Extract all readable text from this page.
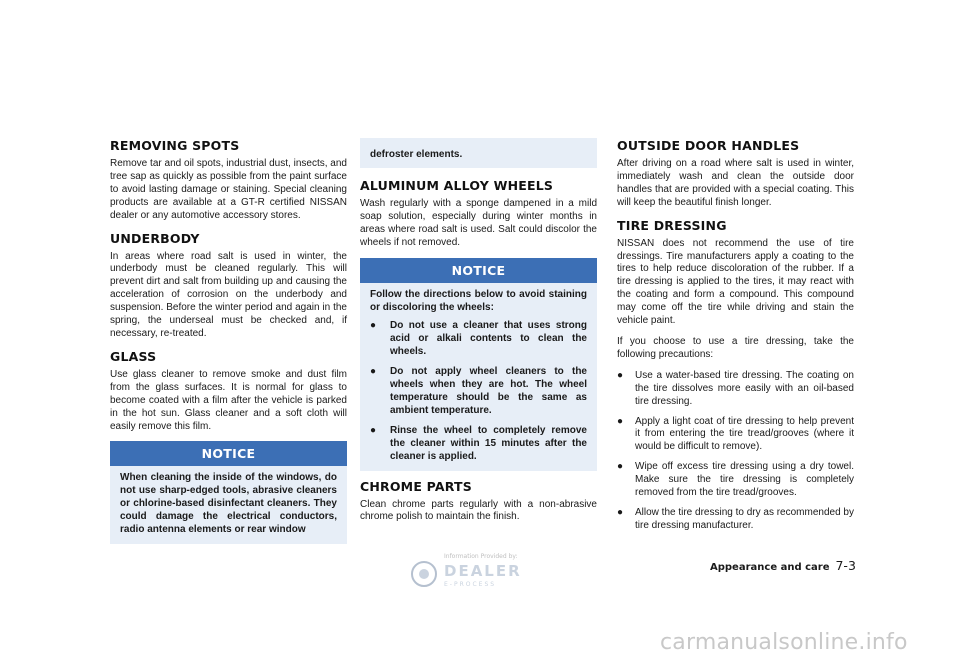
REMOVING SPOTS

Remove tar and oil spots, industrial dust, insects, and tree sap as quickly as possible from the paint surface to avoid lasting damage or staining. Special cleaning products are available at a GT-R certified NISSAN dealer or any automotive accessory stores.

UNDERBODY

In areas where road salt is used in winter, the underbody must be cleaned regularly. This will prevent dirt and salt from building up and causing the acceleration of corrosion on the underbody and suspension. Before the winter period and again in the spring, the underseal must be checked and, if necessary, re-treated.

GLASS

Use glass cleaner to remove smoke and dust film from the glass surfaces. It is normal for glass to become coated with a film after the vehicle is parked in the hot sun. Glass cleaner and a soft cloth will easily remove this film.

NOTICE

When cleaning the inside of the windows, do not use sharp-edged tools, abrasive cleaners or chlorine-based disinfectant cleaners. They could damage the electrical conductors, radio antenna elements or rear window

defroster elements.
ALUMINUM ALLOY WHEELS

Wash regularly with a sponge dampened in a mild soap solution, especially during winter months in areas where road salt is used. Salt could discolor the wheels if not removed.

NOTICE

Follow the directions below to avoid staining or discoloring the wheels:

● Do not use a cleaner that uses strong acid or alkali contents to clean the wheels.
● Do not apply wheel cleaners to the wheels when they are hot. The wheel temperature should be the same as ambient temperature.
● Rinse the wheel to completely remove the cleaner within 15 minutes after the cleaner is applied.
CHROME PARTS

Clean chrome parts regularly with a non-abrasive chrome polish to maintain the finish.

OUTSIDE DOOR HANDLES

After driving on a road where salt is used in winter, immediately wash and clean the outside door handles that are provided with a special coating. This will keep the beautiful finish longer.

TIRE DRESSING

NISSAN does not recommend the use of tire dressings. Tire manufacturers apply a coating to the tires to help reduce discoloration of the rubber. If a tire dressing is applied to the tires, it may react with the coating and form a compound. This compound may come off the tire while driving and stain the vehicle paint.

If you choose to use a tire dressing, take the following precautions:

● Use a water-based tire dressing. The coating on the tire dissolves more easily with an oil-based tire dressing.
● Apply a light coat of tire dressing to help prevent it from entering the tire tread/grooves (where it would be difficult to remove).
● Wipe off excess tire dressing using a dry towel. Make sure the tire dressing is completely removed from the tire tread/grooves.
● Allow the tire dressing to dry as recommended by tire dressing manufacturer.
Appearance and care 7-3
Information Provided by:
DEALER
E-PROCESS
carmanualsonline.info
